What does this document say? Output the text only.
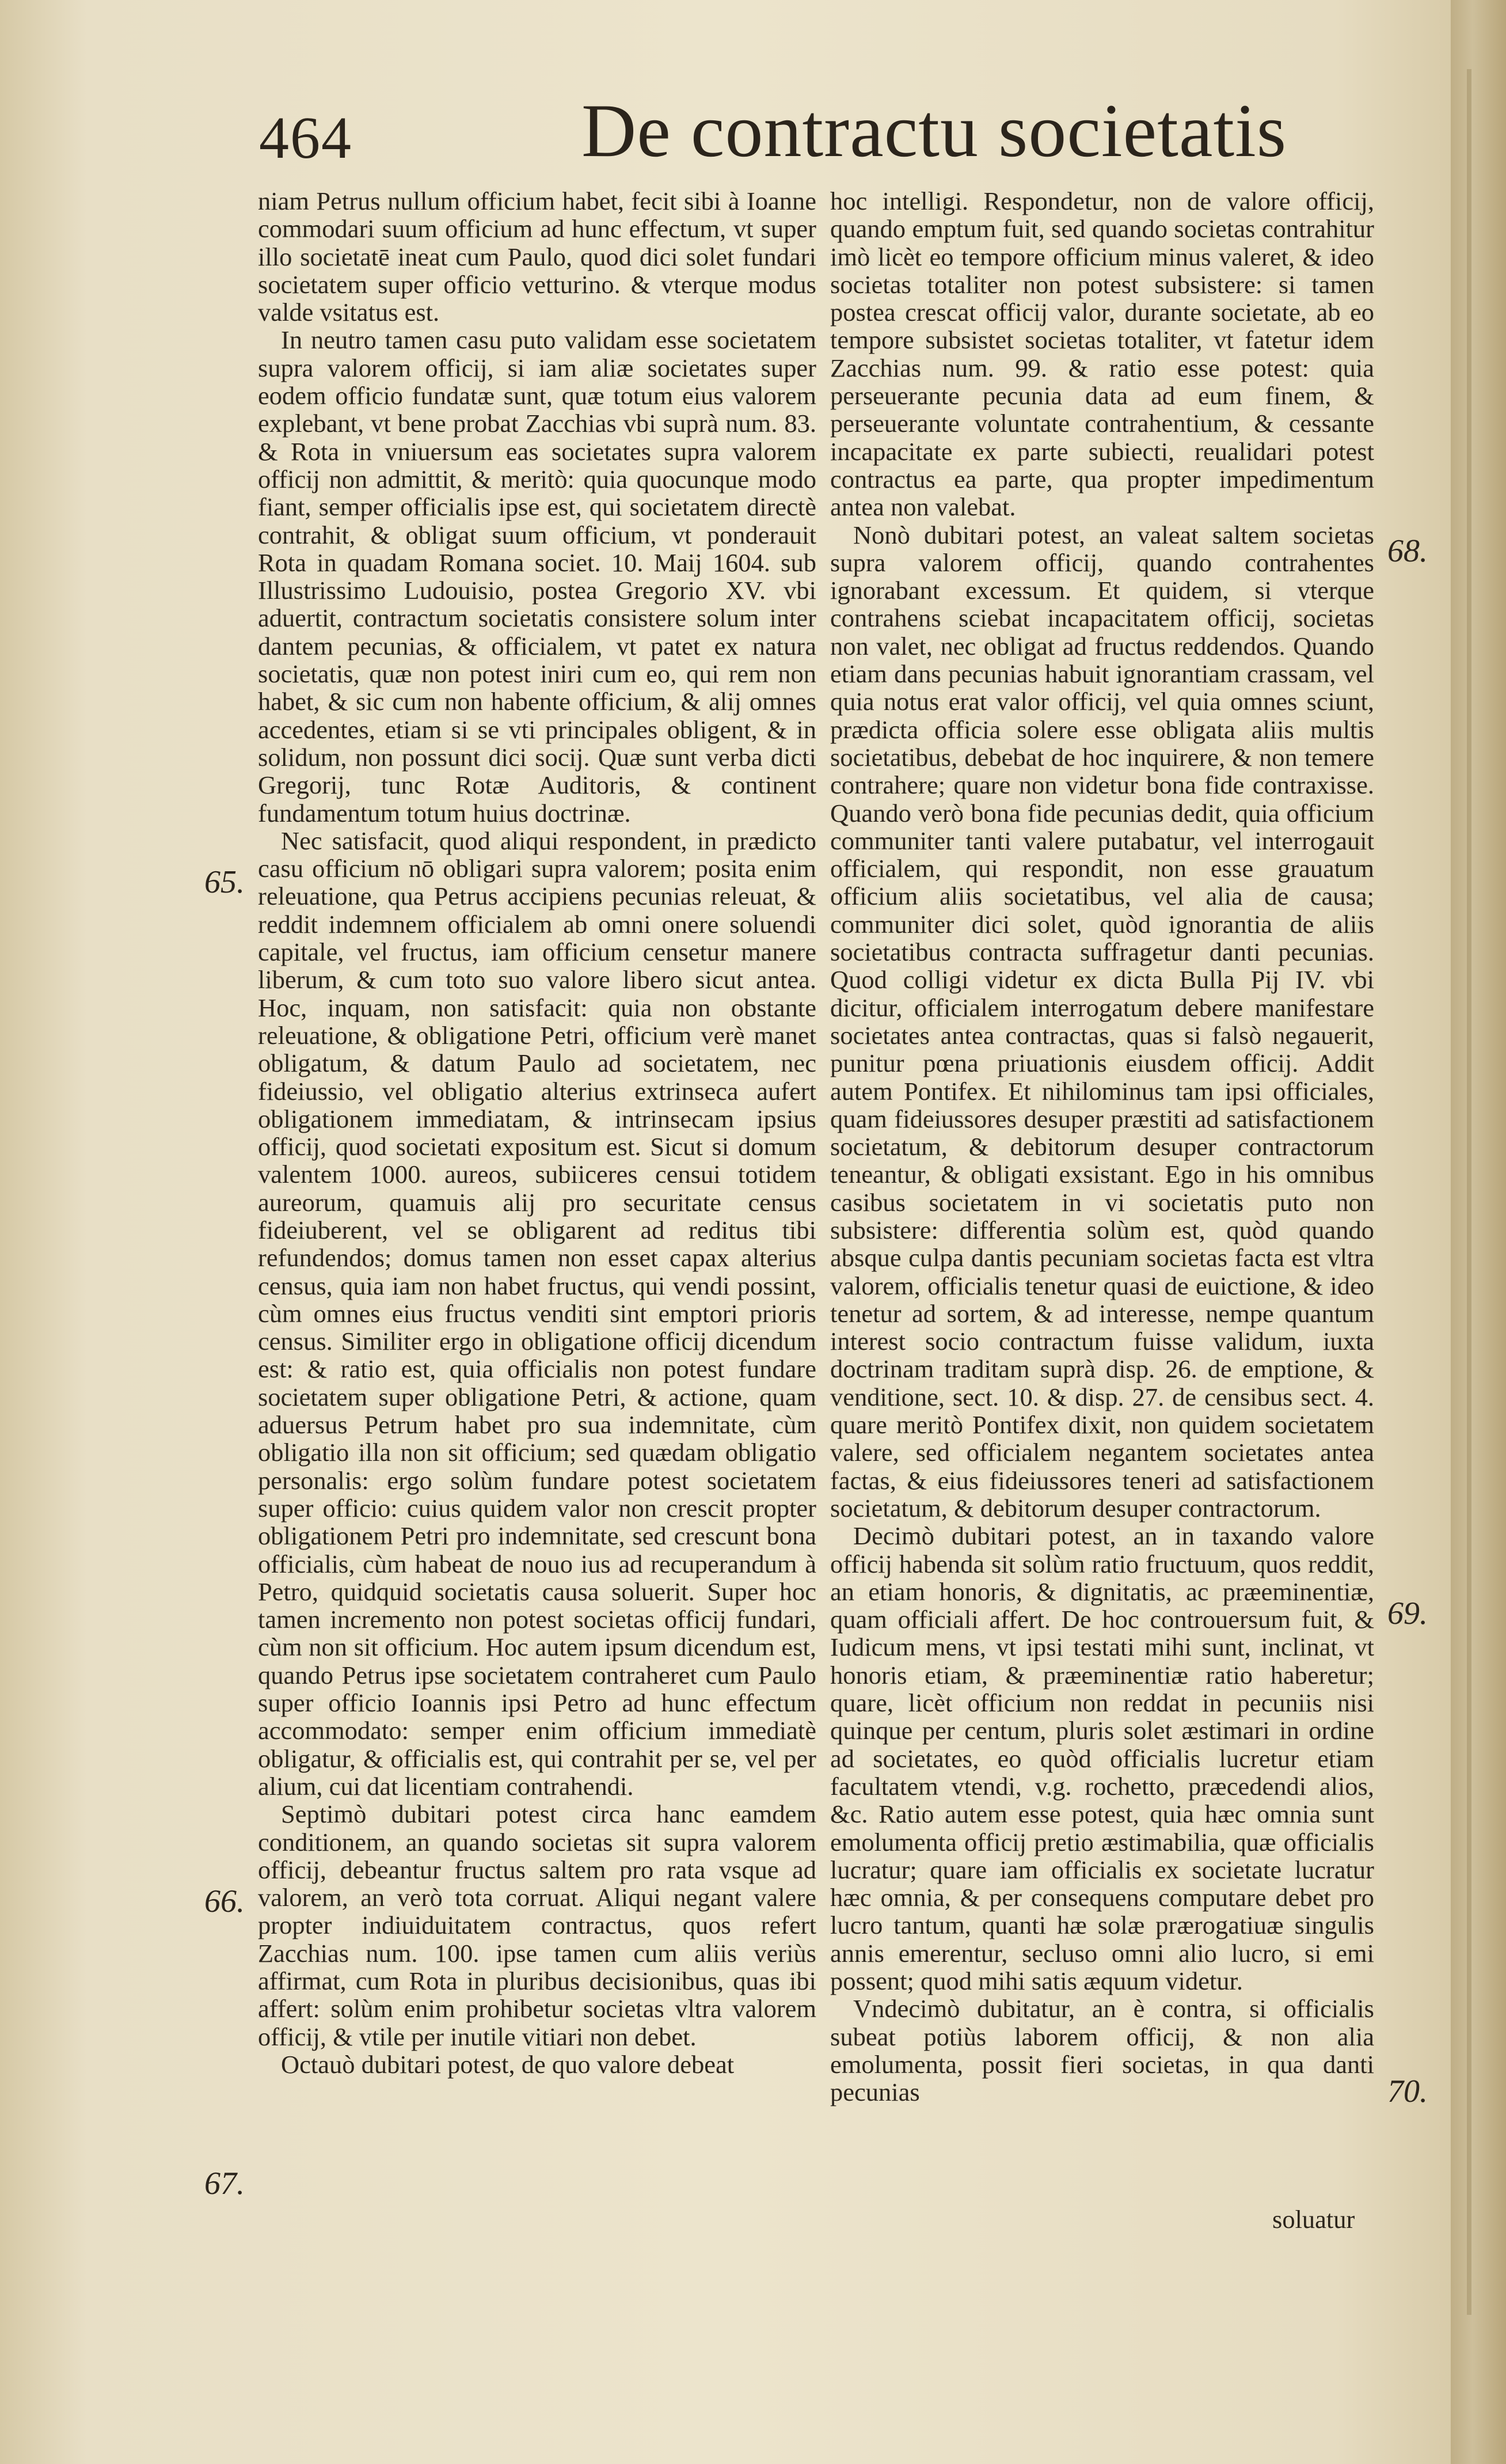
464	De contractu societatis

niam Petrus nullum officium habet, fecit sibi à Ioanne commodari suum officium ad hunc effectum, vt super illo societatē ineat cum Paulo, quod dici solet fundari societatem super officio vetturino. & vterque modus valde vsitatus est.

In neutro tamen casu puto validam esse societatem supra valorem officij, si iam aliæ societates super eodem officio fundatæ sunt, quæ totum eius valorem explebant, vt bene probat Zacchias vbi suprà num. 83. & Rota in vniuersum eas societates supra valorem officij non admittit, & meritò: quia quocunque modo fiant, semper officialis ipse est, qui societatem directè contrahit, & obligat suum officium, vt ponderauit Rota in quadam Romana societ. 10. Maij 1604. sub Illustrissimo Ludouisio, postea Gregorio XV. vbi aduertit, contractum societatis consistere solum inter dantem pecunias, & officialem, vt patet ex natura societatis, quæ non potest iniri cum eo, qui rem non habet, & sic cum non habente officium, & alij omnes accedentes, etiam si se vti principales obligent, & in solidum, non possunt dici socij. Quæ sunt verba dicti Gregorij, tunc Rotæ Auditoris, & continent fundamentum totum huius doctrinæ.

Nec satisfacit, quod aliqui respondent, in prædicto casu officium nō obligari supra valorem; posita enim releuatione, qua Petrus accipiens pecunias releuat, & reddit indemnem officialem ab omni onere soluendi capitale, vel fructus, iam officium censetur manere liberum, & cum toto suo valore libero sicut antea. Hoc, inquam, non satisfacit: quia non obstante releuatione, & obligatione Petri, officium verè manet obligatum, & datum Paulo ad societatem, nec fideiussio, vel obligatio alterius extrinseca aufert obligationem immediatam, & intrinsecam ipsius officij, quod societati expositum est. Sicut si domum valentem 1000. aureos, subiiceres censui totidem aureorum, quamuis alij pro securitate census fideiuberent, vel se obligarent ad reditus tibi refundendos; domus tamen non esset capax alterius census, quia iam non habet fructus, qui vendi possint, cùm omnes eius fructus venditi sint emptori prioris census. Similiter ergo in obligatione officij dicendum est: & ratio est, quia officialis non potest fundare societatem super obligatione Petri, & actione, quam aduersus Petrum habet pro sua indemnitate, cùm obligatio illa non sit officium; sed quædam obligatio personalis: ergo solùm fundare potest societatem super officio: cuius quidem valor non crescit propter obligationem Petri pro indemnitate, sed crescunt bona officialis, cùm habeat de nouo ius ad recuperandum à Petro, quidquid societatis causa soluerit. Super hoc tamen incremento non potest societas officij fundari, cùm non sit officium. Hoc autem ipsum dicendum est, quando Petrus ipse societatem contraheret cum Paulo super officio Ioannis ipsi Petro ad hunc effectum accommodato: semper enim officium immediatè obligatur, & officialis est, qui contrahit per se, vel per alium, cui dat licentiam contrahendi.

Septimò dubitari potest circa hanc eamdem conditionem, an quando societas sit supra valorem officij, debeantur fructus saltem pro rata vsque ad valorem, an verò tota corruat. Aliqui negant valere propter indiuiduitatem contractus, quos refert Zacchias num. 100. ipse tamen cum aliis veriùs affirmat, cum Rota in pluribus decisionibus, quas ibi affert: solùm enim prohibetur societas vltra valorem officij, & vtile per inutile vitiari non debet.

Octauò dubitari potest, de quo valore debeat

hoc intelligi. Respondetur, non de valore officij, quando emptum fuit, sed quando societas contrahitur imò licèt eo tempore officium minus valeret, & ideo societas totaliter non potest subsistere: si tamen postea crescat officij valor, durante societate, ab eo tempore subsistet societas totaliter, vt fatetur idem Zacchias num. 99. & ratio esse potest: quia perseuerante pecunia data ad eum finem, & perseuerante voluntate contrahentium, & cessante incapacitate ex parte subiecti, reualidari potest contractus ea parte, qua propter impedimentum antea non valebat.

Nonò dubitari potest, an valeat saltem societas supra valorem officij, quando contrahentes ignorabant excessum. Et quidem, si vterque contrahens sciebat incapacitatem officij, societas non valet, nec obligat ad fructus reddendos. Quando etiam dans pecunias habuit ignorantiam crassam, vel quia notus erat valor officij, vel quia omnes sciunt, prædicta officia solere esse obligata aliis multis societatibus, debebat de hoc inquirere, & non temere contrahere; quare non videtur bona fide contraxisse. Quando verò bona fide pecunias dedit, quia officium communiter tanti valere putabatur, vel interrogauit officialem, qui respondit, non esse grauatum officium aliis societatibus, vel alia de causa; communiter dici solet, quòd ignorantia de aliis societatibus contracta suffragetur danti pecunias. Quod colligi videtur ex dicta Bulla Pij IV. vbi dicitur, officialem interrogatum debere manifestare societates antea contractas, quas si falsò negauerit, punitur pœna priuationis eiusdem officij. Addit autem Pontifex. Et nihilominus tam ipsi officiales, quam fideiussores desuper præstiti ad satisfactionem societatum, & debitorum desuper contractorum teneantur, & obligati exsistant. Ego in his omnibus casibus societatem in vi societatis puto non subsistere: differentia solùm est, quòd quando absque culpa dantis pecuniam societas facta est vltra valorem, officialis tenetur quasi de euictione, & ideo tenetur ad sortem, & ad interesse, nempe quantum interest socio contractum fuisse validum, iuxta doctrinam traditam suprà disp. 26. de emptione, & venditione, sect. 10. & disp. 27. de censibus sect. 4. quare meritò Pontifex dixit, non quidem societatem valere, sed officialem negantem societates antea factas, & eius fideiussores teneri ad satisfactionem societatum, & debitorum desuper contractorum.

Decimò dubitari potest, an in taxando valore officij habenda sit solùm ratio fructuum, quos reddit, an etiam honoris, & dignitatis, ac præeminentiæ, quam officiali affert. De hoc controuersum fuit, & Iudicum mens, vt ipsi testati mihi sunt, inclinat, vt honoris etiam, & præeminentiæ ratio haberetur; quare, licèt officium non reddat in pecuniis nisi quinque per centum, pluris solet æstimari in ordine ad societates, eo quòd officialis lucretur etiam facultatem vtendi, v.g. rochetto, præcedendi alios, &c. Ratio autem esse potest, quia hæc omnia sunt emolumenta officij pretio æstimabilia, quæ officialis lucratur; quare iam officialis ex societate lucratur hæc omnia, & per consequens computare debet pro lucro tantum, quanti hæ solæ prærogatiuæ singulis annis emerentur, secluso omni alio lucro, si emi possent; quod mihi satis æquum videtur.

Vndecimò dubitatur, an è contra, si officialis subeat potiùs laborem officij, & non alia emolumenta, possit fieri societas, in qua danti pecunias

65.
66.
67.
68.
69.
70.
soluatur
